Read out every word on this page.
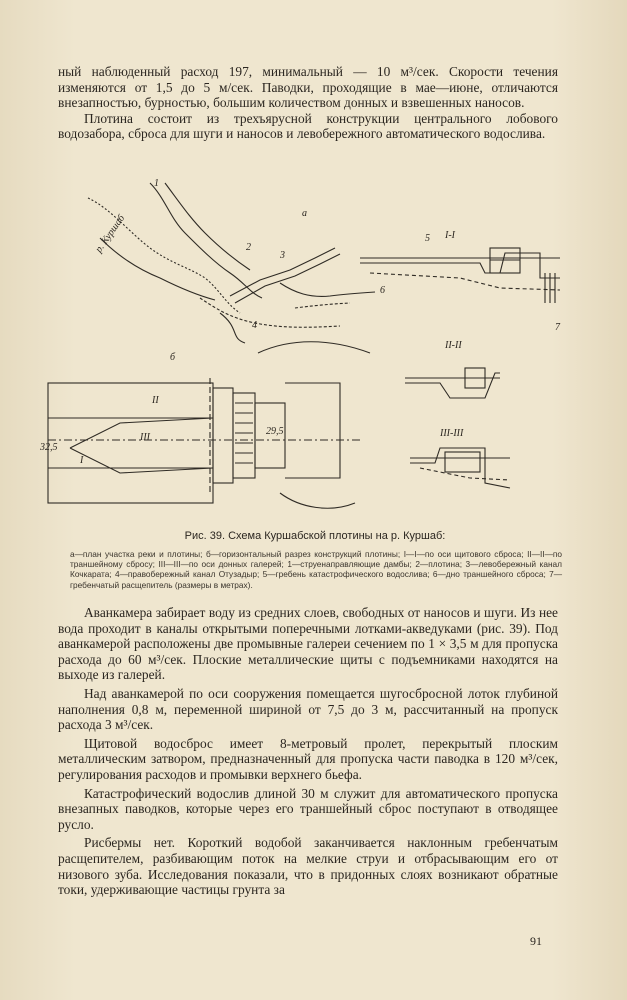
ный наблюденный расход 197, минимальный — 10 м³/сек. Скорости течения изменяются от 1,5 до 5 м/сек. Паводки, проходящие в мае—июне, отличаются внезапностью, бурностью, большим количеством донных и взвешенных наносов.

Плотина состоит из трехъярусной конструкции центрального лобового водозабора, сброса для шуги и наносов и левобережного автоматического водослива.

р. Куршаб	а
1
2
3
4
I-I
5
6
7
б
32,5
29,5
I
II
III
II-II
III-III
Рис. 39. Схема Куршабской плотины на р. Куршаб:
а—план участка реки и плотины; б—горизонтальный разрез конструкций плотины; I—I—по оси щитового сброса; II—II—по траншейному сбросу; III—III—по оси донных галерей; 1—струенаправляющие дамбы; 2—плотина; 3—левобережный канал Кочкарата; 4—правобережный канал Отузадыр; 5—гребень катастрофического водослива; 6—дно траншейного сброса; 7—гребенчатый расщепитель (размеры в метрах).

Аванкамера забирает воду из средних слоев, свободных от наносов и шуги. Из нее вода проходит в каналы открытыми поперечными лотками-акведуками (рис. 39). Под аванкамерой расположены две промывные галереи сечением по 1 × 3,5 м для пропуска расхода до 60 м³/сек. Плоские металлические щиты с подъемниками находятся на выходе из галерей.

Над аванкамерой по оси сооружения помещается шугосбросной лоток глубиной наполнения 0,8 м, переменной шириной от 7,5 до 3 м, рассчитанный на пропуск расхода 3 м³/сек.

Щитовой водосброс имеет 8-метровый пролет, перекрытый плоским металлическим затвором, предназначенный для пропуска части паводка в 120 м³/сек, регулирования расходов и промывки верхнего бьефа.

Катастрофический водослив длиной 30 м служит для автоматического пропуска внезапных паводков, которые через его траншейный сброс поступают в отводящее русло.

Рисбермы нет. Короткий водобой заканчивается наклонным гребенчатым расщепителем, разбивающим поток на мелкие струи и отбрасывающим его от низового зуба. Исследования показали, что в придонных слоях возникают обратные токи, удерживающие частицы грунта за

91
